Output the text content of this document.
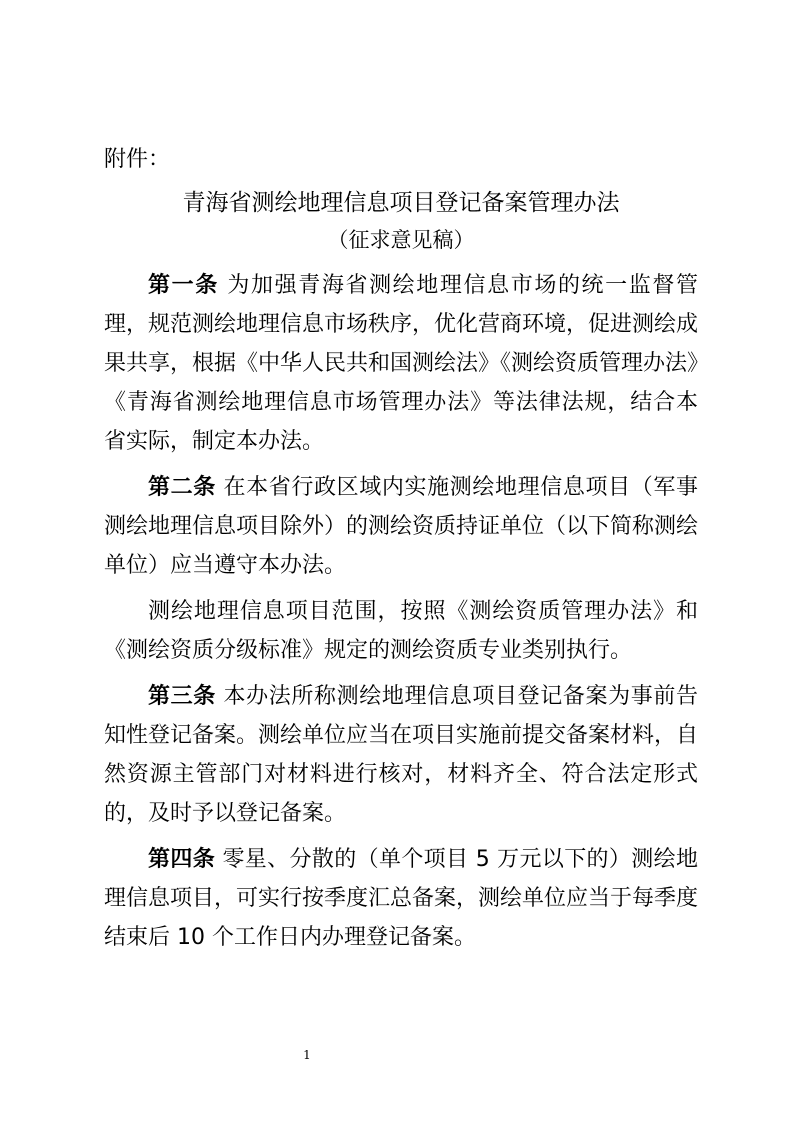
附件：

青海省测绘地理信息项目登记备案管理办法

（征求意见稿）

第一条 为加强青海省测绘地理信息市场的统一监督管理，规范测绘地理信息市场秩序，优化营商环境，促进测绘成果共享，根据《中华人民共和国测绘法》《测绘资质管理办法》《青海省测绘地理信息市场管理办法》等法律法规，结合本省实际，制定本办法。

第二条 在本省行政区域内实施测绘地理信息项目（军事测绘地理信息项目除外）的测绘资质持证单位（以下简称测绘单位）应当遵守本办法。

测绘地理信息项目范围，按照《测绘资质管理办法》和《测绘资质分级标准》规定的测绘资质专业类别执行。

第三条 本办法所称测绘地理信息项目登记备案为事前告知性登记备案。测绘单位应当在项目实施前提交备案材料，自然资源主管部门对材料进行核对，材料齐全、符合法定形式的，及时予以登记备案。

第四条 零星、分散的（单个项目 5 万元以下的）测绘地理信息项目，可实行按季度汇总备案，测绘单位应当于每季度结束后 10 个工作日内办理登记备案。

1
